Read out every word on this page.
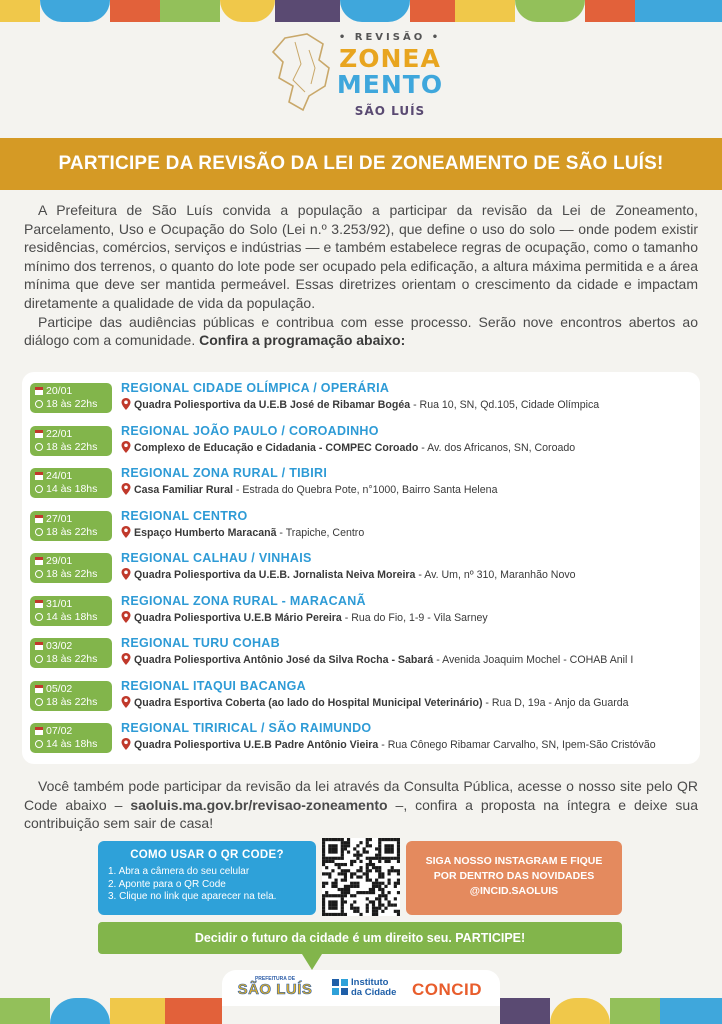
• REVISÃO •
ZONEA
MENTO
SÃO LUÍS
PARTICIPE DA REVISÃO DA LEI DE ZONEAMENTO DE SÃO LUÍS!

A Prefeitura de São Luís convida a população a participar da revisão da Lei de Zoneamento, Parcelamento, Uso e Ocupação do Solo (Lei n.º 3.253/92), que define o uso do solo — onde podem existir residências, comércios, serviços e indústrias — e também estabelece regras de ocupação, como o tamanho mínimo dos terrenos, o quanto do lote pode ser ocupado pela edificação, a altura máxima permitida e a área mínima que deve ser mantida permeável. Essas diretrizes orientam o crescimento da cidade e impactam diretamente a qualidade de vida da população.

Participe das audiências públicas e contribua com esse processo. Serão nove encontros abertos ao diálogo com a comunidade. Confira a programação abaixo:

20/01
18 às 22hs
REGIONAL CIDADE OLÍMPICA / OPERÁRIA
Quadra Poliesportiva da U.E.B José de Ribamar Bogéa - Rua 10, SN, Qd.105, Cidade Olímpica
22/01
18 às 22hs
REGIONAL JOÃO PAULO / COROADINHO
Complexo de Educação e Cidadania - COMPEC Coroado - Av. dos Africanos, SN, Coroado
24/01
14 às 18hs
REGIONAL ZONA RURAL / TIBIRI
Casa Familiar Rural - Estrada do Quebra Pote, n°1000, Bairro Santa Helena
27/01
18 às 22hs
REGIONAL CENTRO
Espaço Humberto Maracanã - Trapiche, Centro
29/01
18 às 22hs
REGIONAL CALHAU / VINHAIS
Quadra Poliesportiva da U.E.B. Jornalista Neiva Moreira - Av. Um, nº 310, Maranhão Novo
31/01
14 às 18hs
REGIONAL ZONA RURAL - MARACANÃ
Quadra Poliesportiva U.E.B Mário Pereira - Rua do Fio, 1-9 - Vila Sarney
03/02
18 às 22hs
REGIONAL TURU COHAB
Quadra Poliesportiva Antônio José da Silva Rocha - Sabará - Avenida Joaquim Mochel - COHAB Anil I
05/02
18 às 22hs
REGIONAL ITAQUI BACANGA
Quadra Esportiva Coberta (ao lado do Hospital Municipal Veterinário) - Rua D, 19a - Anjo da Guarda
07/02
14 às 18hs
REGIONAL TIRIRICAL / SÃO RAIMUNDO
Quadra Poliesportiva U.E.B Padre Antônio Vieira - Rua Cônego Ribamar Carvalho, SN, Ipem-São Cristóvão
Você também pode participar da revisão da lei através da Consulta Pública, acesse o nosso site pelo QR Code abaixo – saoluis.ma.gov.br/revisao-zoneamento –, confira a proposta na íntegra e deixe sua contribuição sem sair de casa!
COMO USAR O QR CODE?
1. Abra a câmera do seu celular
2. Aponte para o QR Code
3. Clique no link que aparecer na tela.
SIGA NOSSO INSTAGRAM E FIQUE
POR DENTRO DAS NOVIDADES
@INCID.SAOLUIS
Decidir o futuro da cidade é um direito seu. PARTICIPE!
PREFEITURA DE
SÃO LUÍS	Instituto
da Cidade CONCID
